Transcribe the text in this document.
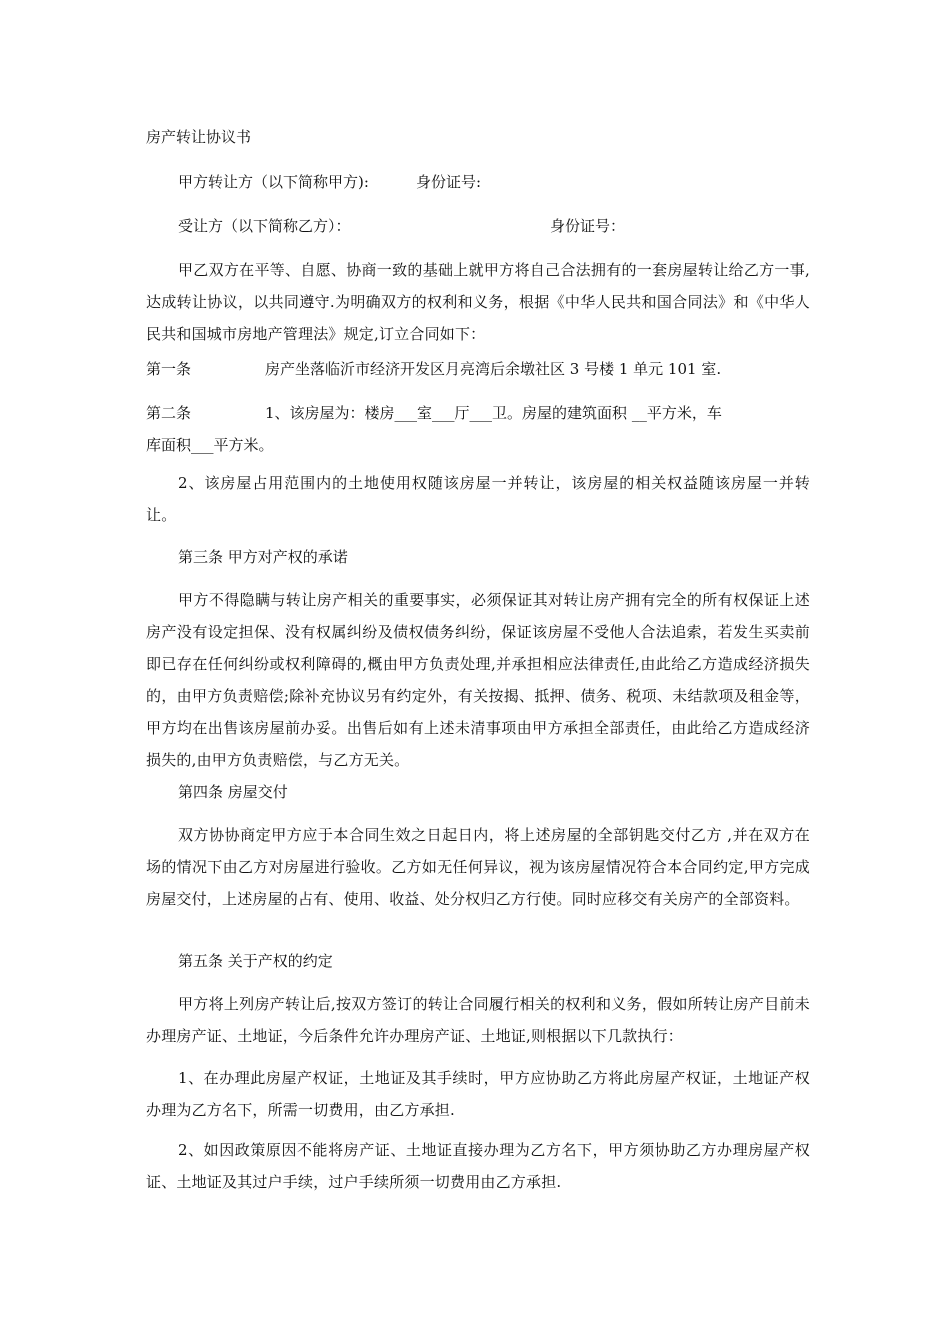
房产转让协议书
甲方转让方（以下简称甲方):	身份证号:
受让方（以下简称乙方）：	身份证号：
甲乙双方在平等、自愿、协商一致的基础上就甲方将自己合法拥有的一套房屋转让给乙方一事,达成转让协议，以共同遵守.为明确双方的权利和义务，根据《中华人民共和国合同法》和《中华人民共和国城市房地产管理法》规定,订立合同如下：
第一条	房产坐落临沂市经济开发区月亮湾后余墩社区 3 号楼 1 单元 101 室.
第二条	1、该房屋为：楼房___室___厅___卫。房屋的建筑面积 __平方米，车
库面积___平方米。
2、该房屋占用范围内的土地使用权随该房屋一并转让，该房屋的相关权益随该房屋一并转让。
第三条 甲方对产权的承诺
甲方不得隐瞒与转让房产相关的重要事实，必须保证其对转让房产拥有完全的所有权保证上述房产没有设定担保、没有权属纠纷及债权债务纠纷，保证该房屋不受他人合法追索，若发生买卖前即已存在任何纠纷或权利障碍的,概由甲方负责处理,并承担相应法律责任,由此给乙方造成经济损失的，由甲方负责赔偿;除补充协议另有约定外，有关按揭、抵押、债务、税项、未结款项及租金等，甲方均在出售该房屋前办妥。出售后如有上述未清事项由甲方承担全部责任，由此给乙方造成经济损失的,由甲方负责赔偿，与乙方无关。
第四条 房屋交付
双方协协商定甲方应于本合同生效之日起日内，将上述房屋的全部钥匙交付乙方 ,并在双方在场的情况下由乙方对房屋进行验收。乙方如无任何异议，视为该房屋情况符合本合同约定,甲方完成房屋交付，上述房屋的占有、使用、收益、处分权归乙方行使。同时应移交有关房产的全部资料。
第五条 关于产权的约定
甲方将上列房产转让后,按双方签订的转让合同履行相关的权利和义务，假如所转让房产目前未办理房产证、土地证，今后条件允许办理房产证、土地证,则根据以下几款执行：
1、在办理此房屋产权证，土地证及其手续时，甲方应协助乙方将此房屋产权证，土地证产权办理为乙方名下，所需一切费用，由乙方承担.
2、如因政策原因不能将房产证、土地证直接办理为乙方名下，甲方须协助乙方办理房屋产权证、土地证及其过户手续，过户手续所须一切费用由乙方承担.
